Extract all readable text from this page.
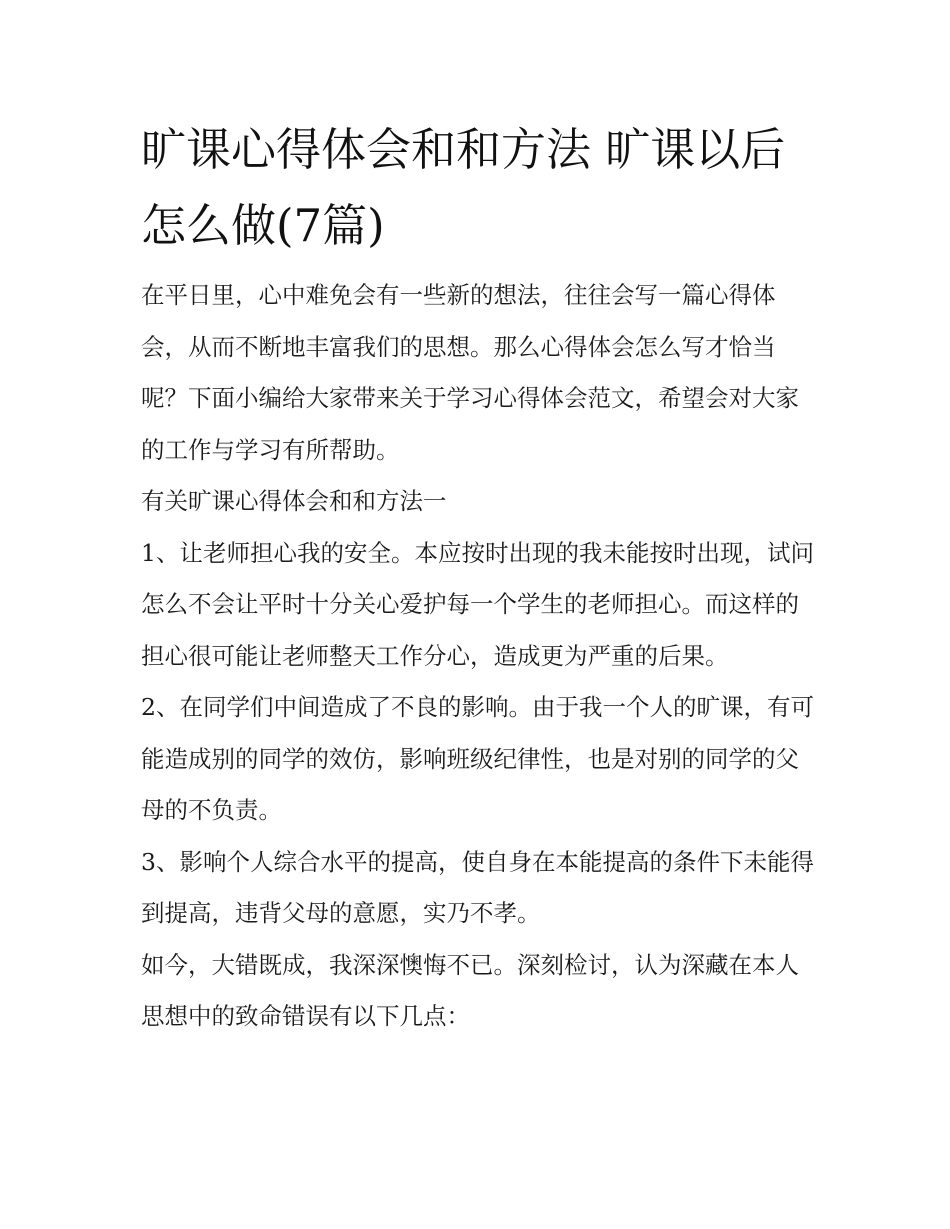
旷课心得体会和和方法 旷课以后怎么做(7篇)

在平日里，心中难免会有一些新的想法，往往会写一篇心得体会，从而不断地丰富我们的思想。那么心得体会怎么写才恰当呢？下面小编给大家带来关于学习心得体会范文，希望会对大家的工作与学习有所帮助。

有关旷课心得体会和和方法一

1、让老师担心我的安全。本应按时出现的我未能按时出现，试问怎么不会让平时十分关心爱护每一个学生的老师担心。而这样的担心很可能让老师整天工作分心，造成更为严重的后果。

2、在同学们中间造成了不良的影响。由于我一个人的旷课，有可能造成别的同学的效仿，影响班级纪律性，也是对别的同学的父母的不负责。

3、影响个人综合水平的提高，使自身在本能提高的条件下未能得到提高，违背父母的意愿，实乃不孝。

如今，大错既成，我深深懊悔不已。深刻检讨，认为深藏在本人思想中的致命错误有以下几点：
